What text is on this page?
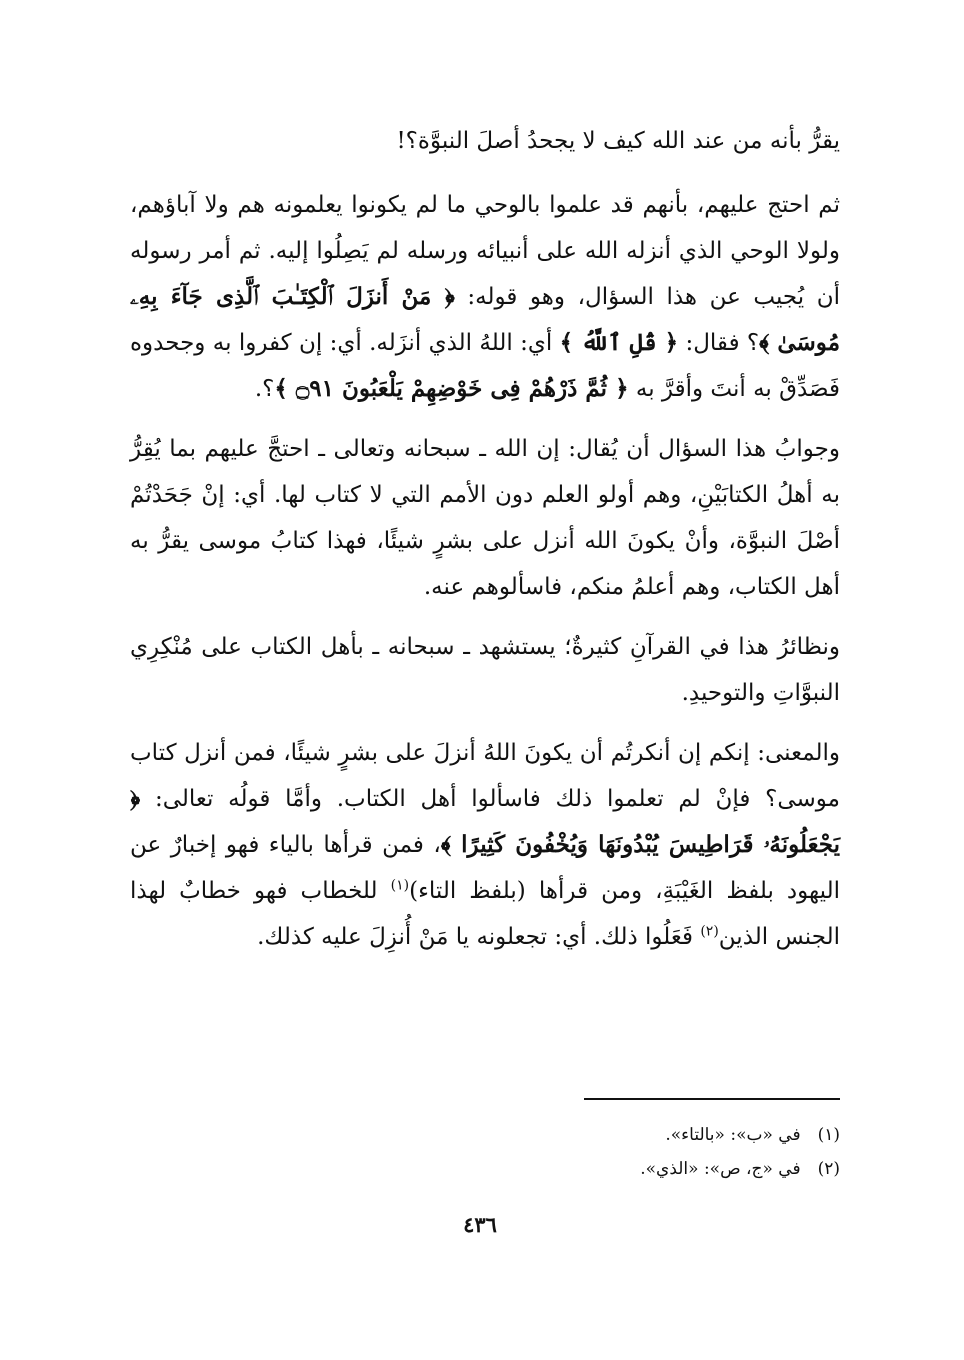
يقرُّ بأنه من عند الله كيف لا يجحدُ أصلَ النبوَّة؟!

ثم احتج عليهم، بأنهم قد علموا بالوحي ما لم يكونوا يعلمونه هم ولا آباؤهم، ولولا الوحي الذي أنزله الله على أنبيائه ورسله لم يَصِلُوا إليه. ثم أمر رسوله أن يُجيب عن هذا السؤال، وهو قوله: ﴿ مَنْ أَنزَلَ ٱلْكِتَـٰبَ ٱلَّذِى جَآءَ بِهِۦ مُوسَىٰ ﴾؟ فقال: ﴿ قُلِ ٱللَّهُ ﴾ أي: اللهُ الذي أنزَله. أي: إن كفروا به وجحدوه فَصَدِّقْ به أنتَ وأقرَّ به ﴿ ثُمَّ ذَرْهُمْ فِى خَوْضِهِمْ يَلْعَبُونَ ۝٩١ ﴾؟.

وجوابُ هذا السؤال أن يُقال: إن الله ـ سبحانه وتعالى ـ احتجَّ عليهم بما يُقِرُّ به أهلُ الكتابَيْنِ، وهم أولو العلم دون الأمم التي لا كتاب لها. أي: إنْ جَحَدْتُمْ أصْلَ النبوَّة، وأنْ يكونَ الله أنزل على بشرٍ شيئًا، فهذا كتابُ موسى يقرُّ به أهل الكتاب، وهم أعلمُ منكم، فاسألوهم عنه.

ونظائرُ هذا في القرآنِ كثيرةٌ؛ يستشهد ـ سبحانه ـ بأهل الكتاب على مُنْكِرِي النبوَّاتِ والتوحيدِ.

والمعنى: إنكم إن أنكرتُم أن يكونَ اللهُ أنزلَ على بشرٍ شيئًا، فمن أنزل كتاب موسى؟ فإنْ لم تعلموا ذلك فاسألوا أهل الكتاب. وأمَّا قولُه تعالى: ﴿ يَجْعَلُونَهُۥ قَرَاطِيسَ يُبْدُونَهَا وَيُخْفُونَ كَثِيرًا ﴾، فمن قرأها بالياء فهو إخبارٌ عن اليهود بلفظ الغَيْبَةِ، ومن قرأها (بلفظ التاء)$^{(١)}$ للخطاب فهو خطابٌ لهذا الجنس الذين$^{(٢)}$ فَعَلُوا ذلك. أي: تجعلونه يا مَنْ أُنزِلَ عليه كذلك.

(١) في «ب»: «بالتاء».
(٢) في «ج، ص»: «الذي».
٤٣٦
